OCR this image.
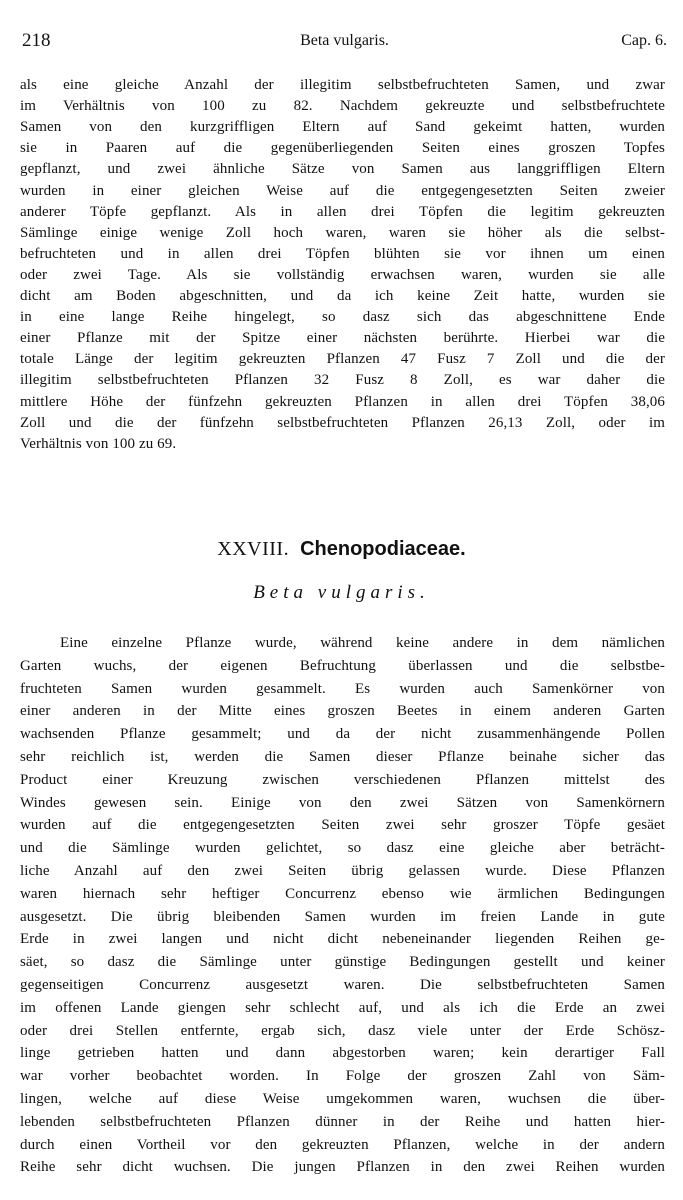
218	Beta vulgaris.	Cap. 6.
als eine gleiche Anzahl der illegitim selbstbefruchteten Samen, und zwar
im Verhältnis von 100 zu 82. Nachdem gekreuzte und selbstbefruchtete
Samen von den kurzgriffligen Eltern auf Sand gekeimt hatten, wurden
sie in Paaren auf die gegenüberliegenden Seiten eines groszen Topfes
gepflanzt, und zwei ähnliche Sätze von Samen aus langgriffligen Eltern
wurden in einer gleichen Weise auf die entgegengesetzten Seiten zweier
anderer Töpfe gepflanzt. Als in allen drei Töpfen die legitim gekreuzten
Sämlinge einige wenige Zoll hoch waren, waren sie höher als die selbst-
befruchteten und in allen drei Töpfen blühten sie vor ihnen um einen
oder zwei Tage. Als sie vollständig erwachsen waren, wurden sie alle
dicht am Boden abgeschnitten, und da ich keine Zeit hatte, wurden sie
in eine lange Reihe hingelegt, so dasz sich das abgeschnittene Ende
einer Pflanze mit der Spitze einer nächsten berührte. Hierbei war die
totale Länge der legitim gekreuzten Pflanzen 47 Fusz 7 Zoll und die der
illegitim selbstbefruchteten Pflanzen 32 Fusz 8 Zoll, es war daher die
mittlere Höhe der fünfzehn gekreuzten Pflanzen in allen drei Töpfen 38,06
Zoll und die der fünfzehn selbstbefruchteten Pflanzen 26,13 Zoll, oder im
Verhältnis von 100 zu 69.
XXVIII. Chenopodiaceae.
Beta vulgaris.
Eine einzelne Pflanze wurde, während keine andere in dem nämlichen
Garten wuchs, der eigenen Befruchtung überlassen und die selbstbe-
fruchteten Samen wurden gesammelt. Es wurden auch Samenkörner von
einer anderen in der Mitte eines groszen Beetes in einem anderen Garten
wachsenden Pflanze gesammelt; und da der nicht zusammenhängende Pollen
sehr reichlich ist, werden die Samen dieser Pflanze beinahe sicher das
Product einer Kreuzung zwischen verschiedenen Pflanzen mittelst des
Windes gewesen sein. Einige von den zwei Sätzen von Samenkörnern
wurden auf die entgegengesetzten Seiten zwei sehr groszer Töpfe gesäet
und die Sämlinge wurden gelichtet, so dasz eine gleiche aber beträcht-
liche Anzahl auf den zwei Seiten übrig gelassen wurde. Diese Pflanzen
waren hiernach sehr heftiger Concurrenz ebenso wie ärmlichen Bedingungen
ausgesetzt. Die übrig bleibenden Samen wurden im freien Lande in gute
Erde in zwei langen und nicht dicht nebeneinander liegenden Reihen ge-
säet, so dasz die Sämlinge unter günstige Bedingungen gestellt und keiner
gegenseitigen Concurrenz ausgesetzt waren. Die selbstbefruchteten Samen
im offenen Lande giengen sehr schlecht auf, und als ich die Erde an zwei
oder drei Stellen entfernte, ergab sich, dasz viele unter der Erde Schösz-
linge getrieben hatten und dann abgestorben waren; kein derartiger Fall
war vorher beobachtet worden. In Folge der groszen Zahl von Säm-
lingen, welche auf diese Weise umgekommen waren, wuchsen die über-
lebenden selbstbefruchteten Pflanzen dünner in der Reihe und hatten hier-
durch einen Vortheil vor den gekreuzten Pflanzen, welche in der andern
Reihe sehr dicht wuchsen. Die jungen Pflanzen in den zwei Reihen wurden
